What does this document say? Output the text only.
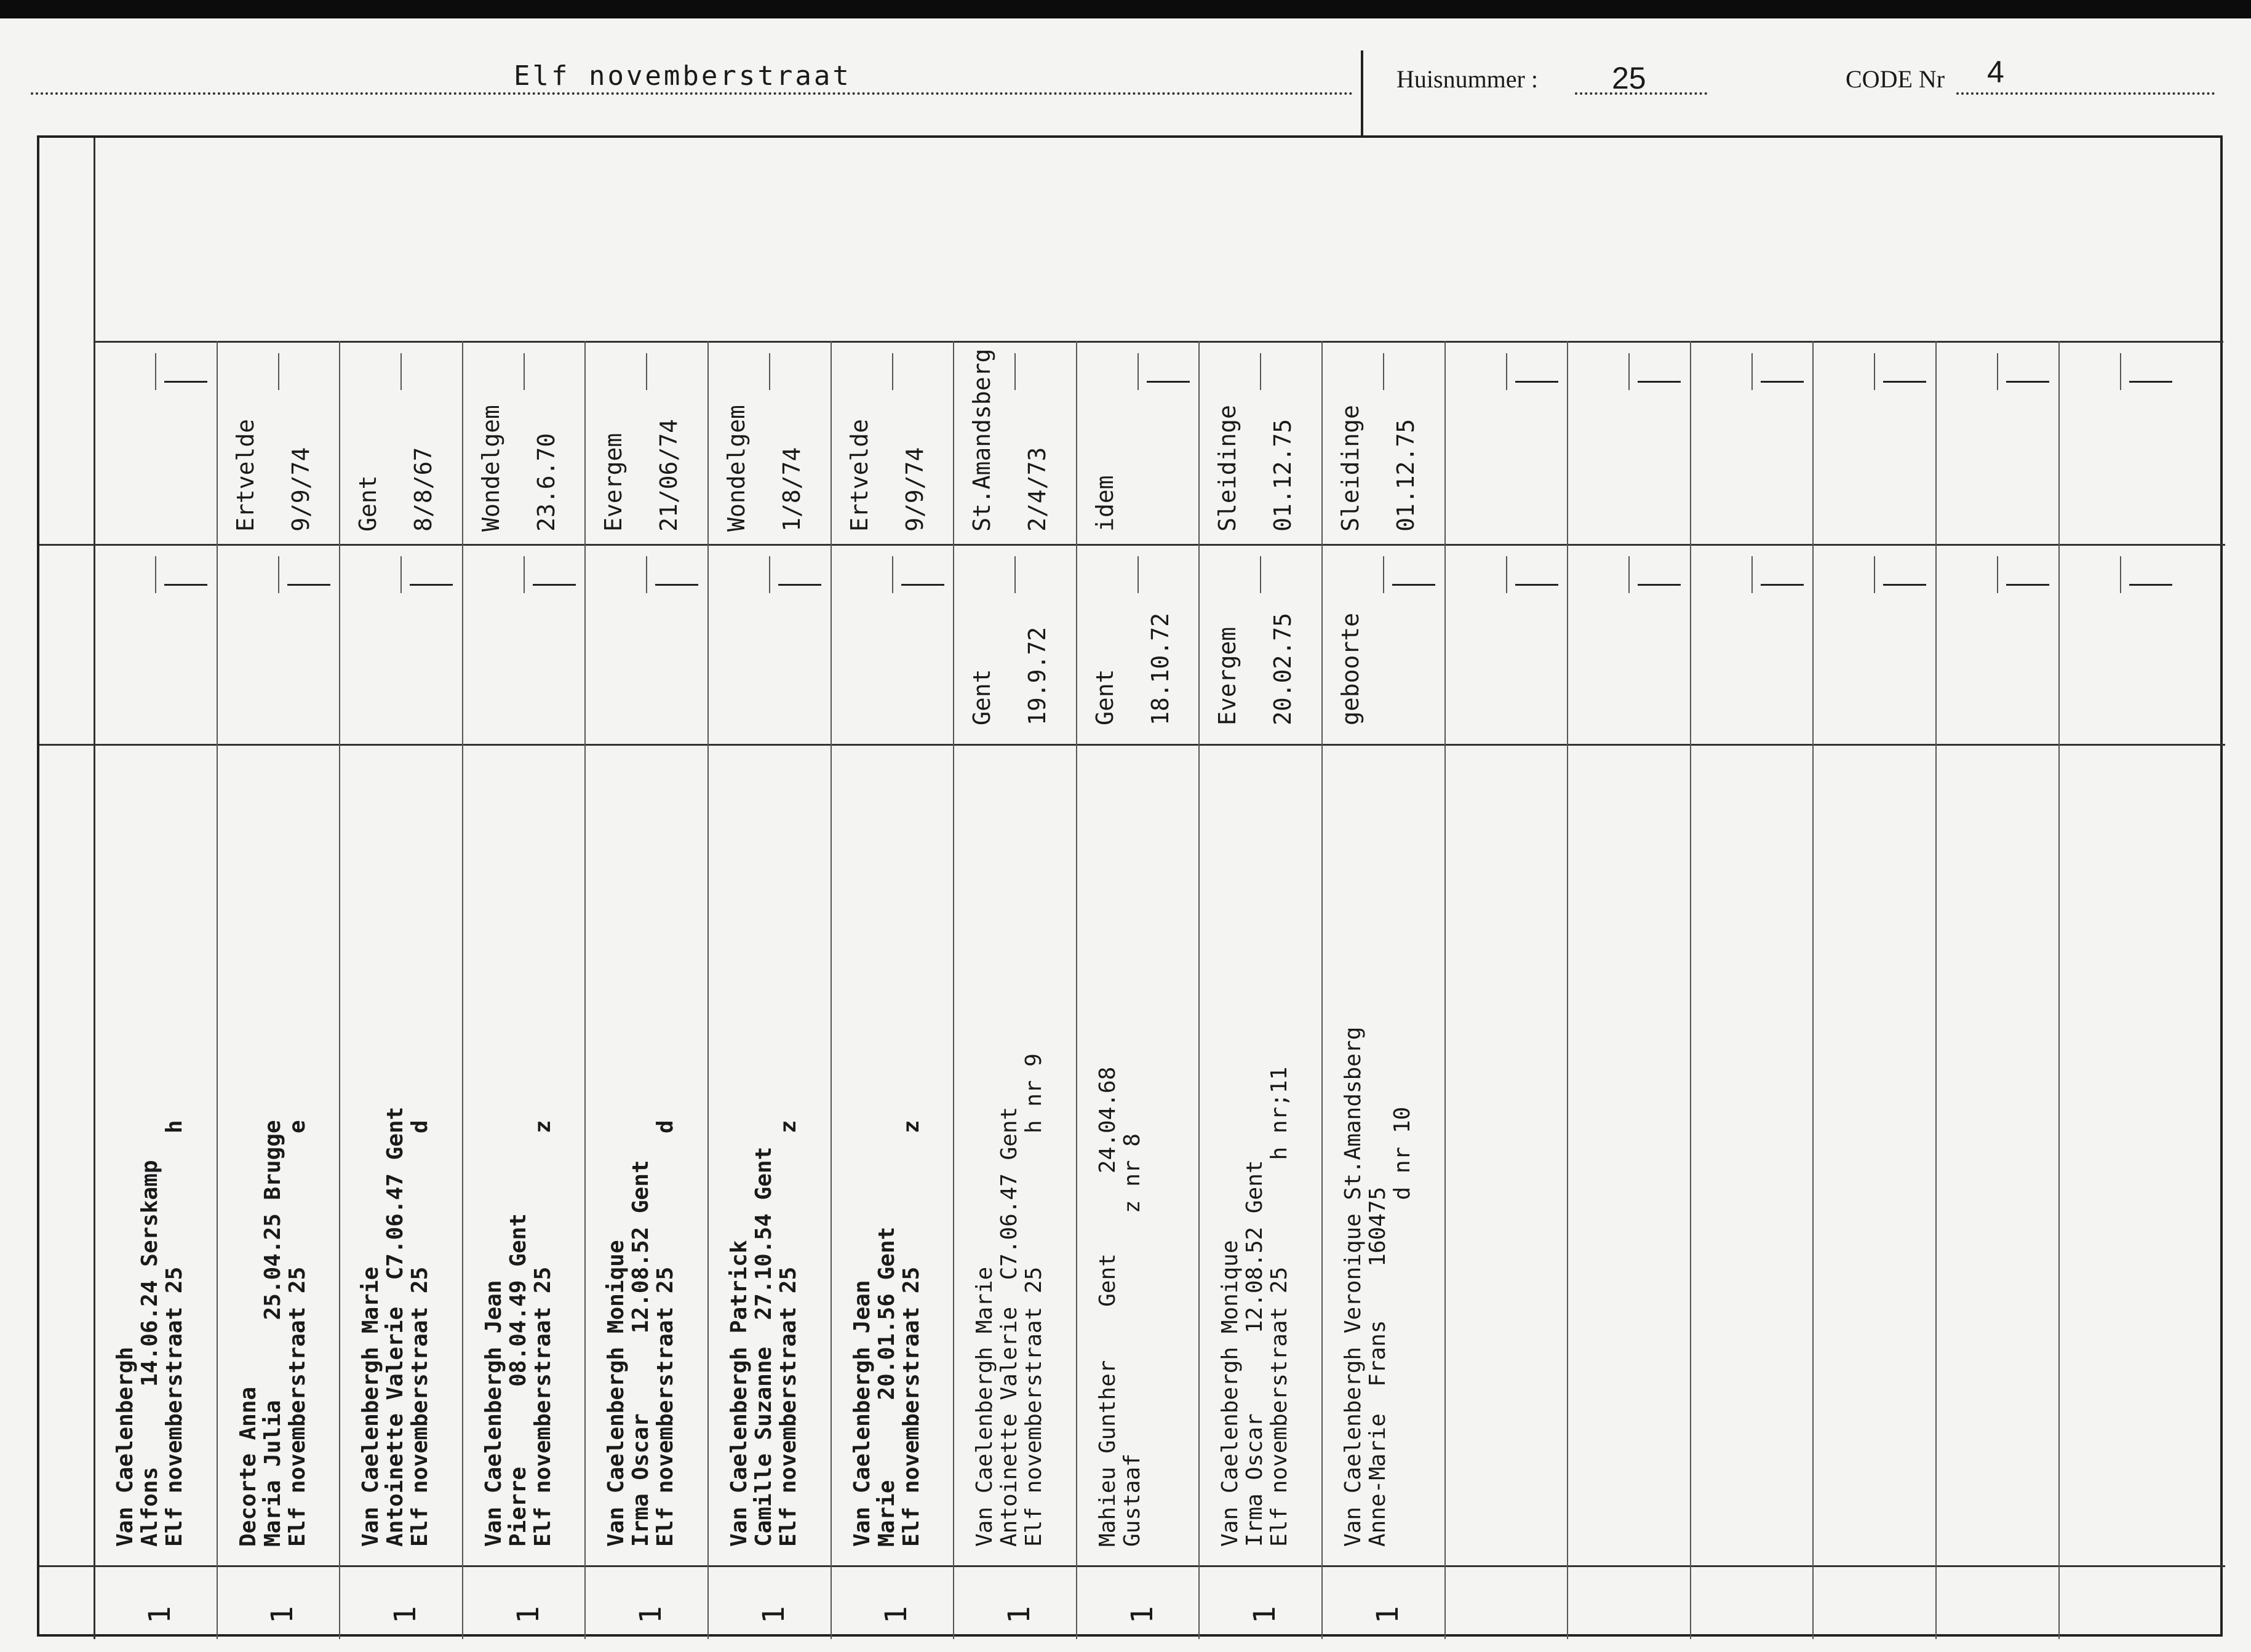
Elf novemberstraat	Huisnummer : 25	CODE Nr 4
Van Caelenbergh
Alfons      14.06.24 Serskamp
Elf novemberstraat 25          h
1
Decorte Anna
Maria Julia      25.04.25 Brugge
Elf novemberstraat 25          e
1
Ertvelde 9/9/74
Van Caelenbergh Marie
Antoinette Valerie  C7.06.47 Gent
Elf novemberstraat 25          d
1
Gent 8/8/67
Van Caelenbergh Jean
Pierre      08.04.49 Gent
Elf novemberstraat 25          z
1
Wondelgem 23.6.70
Van Caelenbergh Monique
Irma Oscar      12.08.52 Gent
Elf novemberstraat 25          d
1
Evergem 21/06/74
Van Caelenbergh Patrick
Camille Suzanne  27.10.54 Gent
Elf novemberstraat 25          z
1
Wondelgem 1/8/74
Van Caelenbergh Jean
Marie      20.01.56 Gent
Elf novemberstraat 25          z
1
Ertvelde 9/9/74
Van Caelenbergh Marie
Antoinette Valerie  C7.06.47 Gent
Elf novemberstraat 25          h nr 9
1
Gent 19.9.72
St.Amandsberg 2/4/73
Mahieu Gunther    Gent      24.04.68
Gustaaf                  z nr 8
1
Gent 18.10.72
idem
Van Caelenbergh Monique
Irma Oscar      12.08.52 Gent
Elf novemberstraat 25        h nr;11
1
Evergem 20.02.75
Sleidinge 01.12.75
Van Caelenbergh Veronique St.Amandsberg
Anne-Marie  Frans    160475
d nr 10
1
geboorte
Sleidinge 01.12.75
